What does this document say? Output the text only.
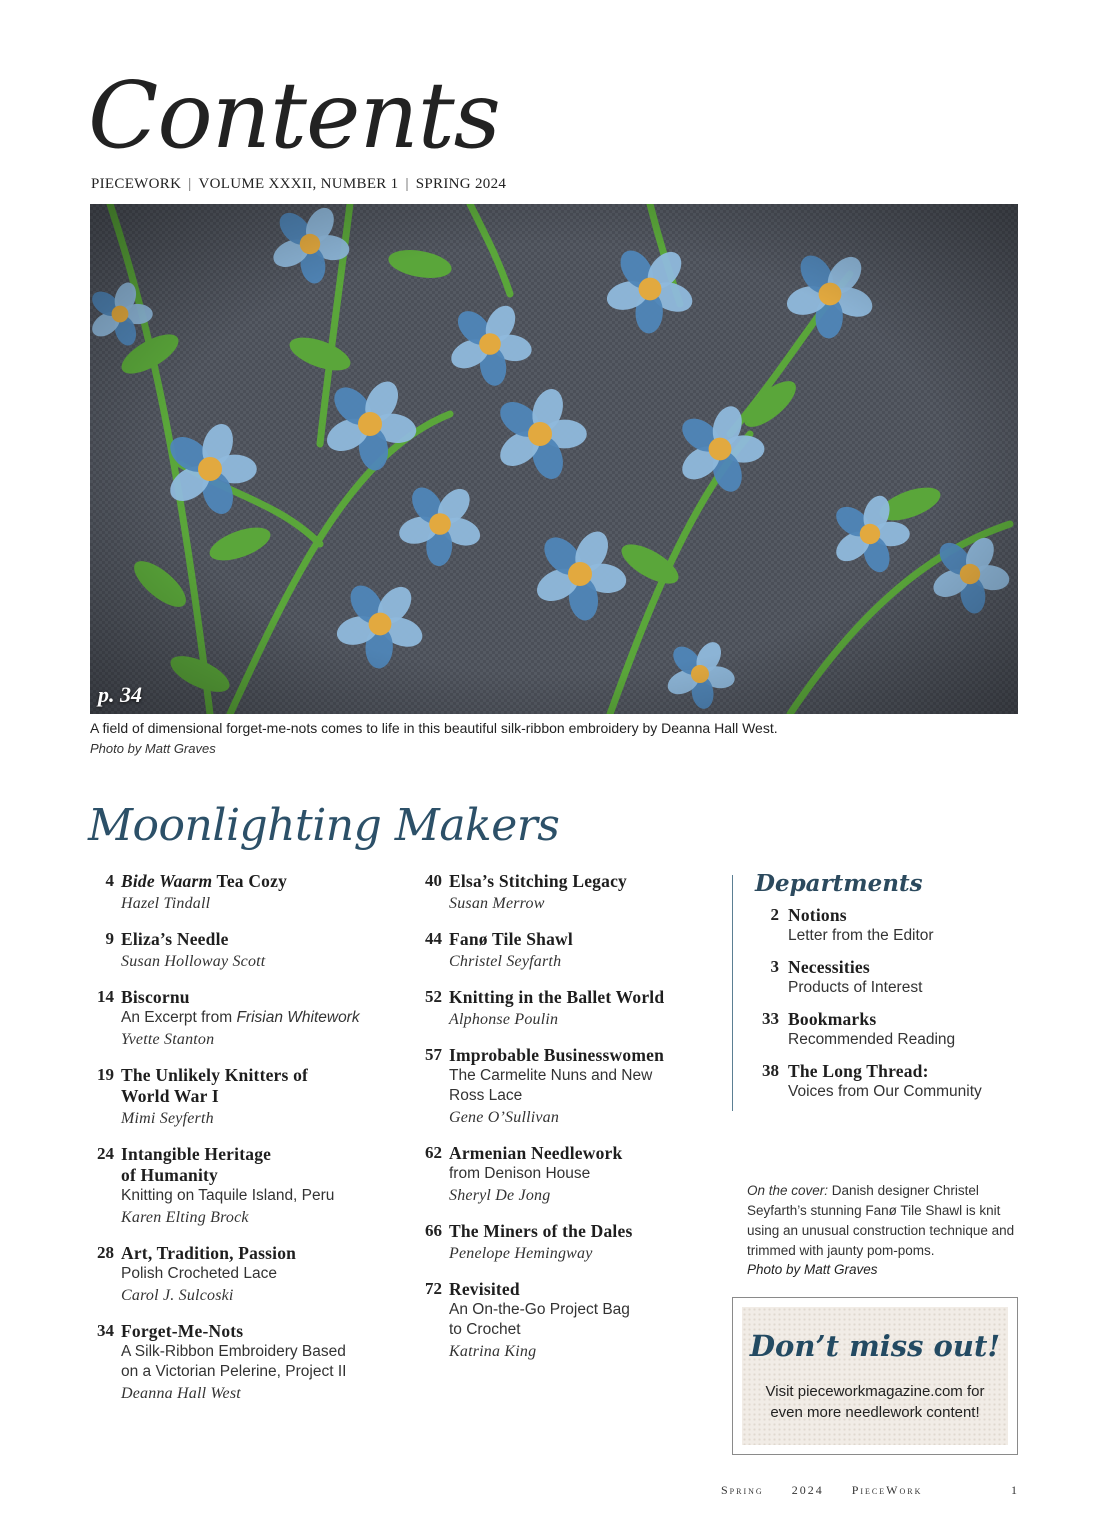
Contents
PIECEWORK | VOLUME XXXII, NUMBER 1 | SPRING 2024
p. 34
A field of dimensional forget-me-nots comes to life in this beautiful silk-ribbon embroidery by Deanna Hall West.
Photo by Matt Graves
Moonlighting Makers
4 Bide Waarm Tea Cozy
Hazel Tindall
9 Eliza’s Needle
Susan Holloway Scott
14 Biscornu
An Excerpt from Frisian Whitework
Yvette Stanton
19 The Unlikely Knitters of
World War I
Mimi Seyferth
24 Intangible Heritage
of Humanity
Knitting on Taquile Island, Peru
Karen Elting Brock
28 Art, Tradition, Passion
Polish Crocheted Lace
Carol J. Sulcoski
34 Forget-Me-Nots
A Silk-Ribbon Embroidery Based
on a Victorian Pelerine, Project II
Deanna Hall West
40 Elsa’s Stitching Legacy
Susan Merrow
44 Fanø Tile Shawl
Christel Seyfarth
52 Knitting in the Ballet World
Alphonse Poulin
57 Improbable Businesswomen
The Carmelite Nuns and New
Ross Lace
Gene O’Sullivan
62 Armenian Needlework
from Denison House
Sheryl De Jong
66 The Miners of the Dales
Penelope Hemingway
72 Revisited
An On-the-Go Project Bag
to Crochet
Katrina King
Departments
2 Notions
Letter from the Editor
3 Necessities
Products of Interest
33 Bookmarks
Recommended Reading
38 The Long Thread:
Voices from Our Community
On the cover: Danish designer Christel Seyfarth’s stunning Fanø Tile Shawl is knit using an unusual construction technique and trimmed with jaunty pom-poms.
Photo by Matt Graves
Don’t miss out!
Visit pieceworkmagazine.com for even more needlework content!
Spring 2024 PieceWork	1
